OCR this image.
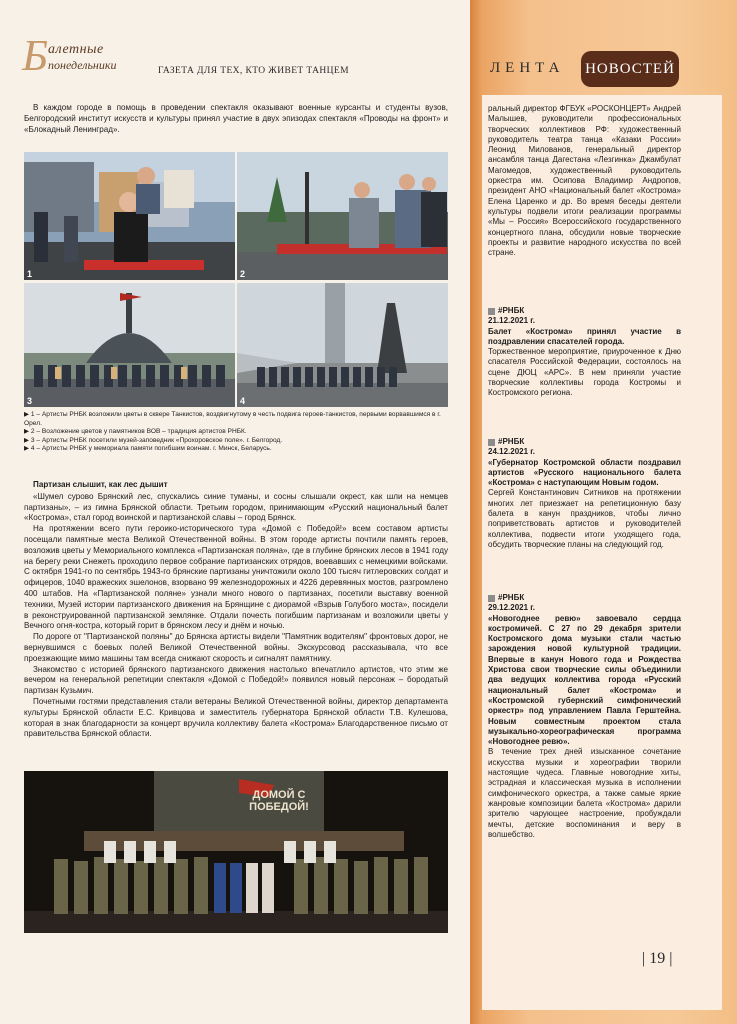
Б алетные
понедельники	ГАЗЕТА ДЛЯ ТЕХ, КТО ЖИВЕТ ТАНЦЕМ	ЛЕНТА НОВОСТЕЙ

В каждом городе в помощь в проведении спектакля оказывают военные курсанты и студенты вузов, Белгородский институт искусств и культуры принял участие в двух эпизодах спектакля «Проводы на фронт» и «Блокадный Ленинград».

1	2
3	4

▶ 1 – Артисты РНБК возложили цветы в сквере Танкистов, воздвигнутому в честь подвига героев-танкистов, первыми ворвавшимся в г. Орел.

▶ 2 – Возложение цветов у памятников ВОВ – традиция артистов РНБК.

▶ 3 – Артисты РНБК посетили музей-заповедник «Прохоровское поле». г. Белгород.

▶ 4 – Артисты РНБК у мемориала памяти погибшим воинам. г. Минск, Беларусь.

Партизан слышит, как лес дышит

«Шумел сурово Брянский лес, спускались синие туманы, и сосны слышали окрест, как шли на немцев партизаны», – из гимна Брянской области. Третьим городом, принимающим «Русский национальный балет «Кострома», стал город воинской и партизанской славы – город Брянск.

На протяжении всего пути героико-исторического тура «Домой с Победой!» всем составом артисты посещали памятные места Великой Отечественной войны. В этом городе артисты почтили память героев, возложив цветы у Мемориального комплекса «Партизанская поляна», где в глубине брянских лесов в 1941 году на берегу реки Снежеть проходило первое собрание партизанских отрядов, воевавших с немецкими войсками. С октября 1941-го по сентябрь 1943-го брянские партизаны уничтожили около 100 тысяч гитлеровских солдат и офицеров, 1040 вражеских эшелонов, взорвано 99 железнодорожных и 4226 деревянных мостов, разгромлено 400 штабов. На «Партизанской поляне» узнали много нового о партизанах, посетили выставку военной техники, Музей истории партизанского движения на Брянщине с диорамой «Взрыв Голубого моста», посидели в реконструированной партизанской землянке. Отдали почесть погибшим партизанам и возложили цветы у Вечного огня-костра, который горит в брянском лесу и днём и ночью.

По дороге от "Партизанской поляны" до Брянска артисты видели "Памятник водителям" фронтовых дорог, не вернувшимся с боевых полей Великой Отечественной войны. Экскурсовод рассказывала, что все проезжающие мимо машины там всегда снижают скорость и сигналят памятнику.

Знакомство с историей брянского партизанского движения настолько впечатлило артистов, что этим же вечером на генеральной репетиции спектакля «Домой с Победой!» появился новый персонаж – бородатый партизан Кузьмич.

Почетными гостями представления стали ветераны Великой Отечественной войны, директор департамента культуры Брянской области Е.С. Кривцова и заместитель губернатора Брянской области Т.В. Кулешова, которая в знак благодарности за концерт вручила коллективу балета «Кострома» Благодарственное письмо от правительства Брянской области.

ДОМОЙ С ПОБЕДОЙ!

ральный директор ФГБУК «РОСКОНЦЕРТ» Андрей Малышев, руководители профессиональных творческих коллективов РФ: художественный руководитель театра танца «Казаки России» Леонид Милованов, генеральный директор ансамбля танца Дагестана «Лезгинка» Джамбулат Магомедов, художественный руководитель оркестра им. Осипова Владимир Андропов, президент АНО «Национальный балет «Кострома» Елена Царенко и др. Во время беседы деятели культуры подвели итоги реализации программы «Мы – Россия» Всероссийского государственного концертного плана, обсудили новые творческие проекты и развитие народного искусства по всей стране.

#РНБК
21.12.2021 г.

Балет «Кострома» принял участие в поздравлении спасателей города.

Торжественное мероприятие, приуроченное к Дню спасателя Российской Федерации, состоялось на сцене ДЮЦ «АРС». В нем приняли участие творческие коллективы города Костромы и Костромского региона.

#РНБК
24.12.2021 г.

«Губернатор Костромской области поздравил артистов «Русского национального балета «Кострома» с наступающим Новым годом.

Сергей Константинович Ситников на протяжении многих лет приезжает на репетиционную базу балета в канун праздников, чтобы лично поприветствовать артистов и руководителей коллектива, подвести итоги уходящего года, обсудить творческие планы на следующий год.

#РНБК
29.12.2021 г.

«Новогоднее ревю» завоевало сердца костромичей. С 27 по 29 декабря зрители Костромского дома музыки стали частью зарождения новой культурной традиции. Впервые в канун Нового года и Рождества Христова свои творческие силы объединили два ведущих коллектива города «Русский национальный балет «Кострома» и «Костромской губернский симфонический оркестр» под управлением Павла Герштейна. Новым совместным проектом стала музыкально-хореографическая программа «Новогоднее ревю».

В течение трех дней изысканное сочетание искусства музыки и хореографии творили настоящие чудеса. Главные новогодние хиты, эстрадная и классическая музыка в исполнении симфонического оркестра, а также самые яркие жанровые композиции балета «Кострома» дарили зрителю чарующее настроение, пробуждали мечты, детские воспоминания и веру в волшебство.

| 19 |
